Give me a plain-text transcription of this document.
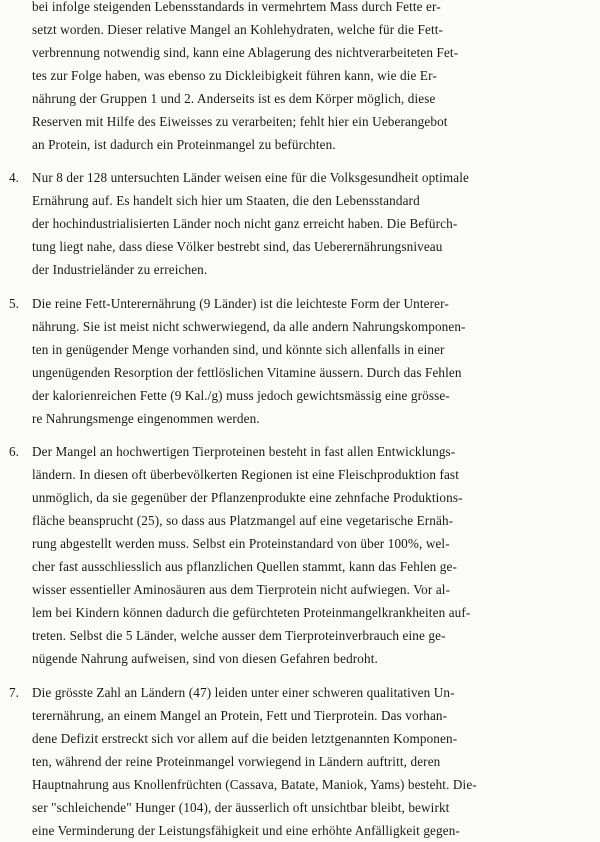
bei infolge steigenden Lebensstandards in vermehrtem Mass durch Fette er-
setzt worden. Dieser relative Mangel an Kohlehydraten, welche für die Fett-
verbrennung notwendig sind, kann eine Ablagerung des nichtverarbeiteten Fet-
tes zur Folge haben, was ebenso zu Dickleibigkeit führen kann, wie die Er-
nährung der Gruppen 1 und 2. Anderseits ist es dem Körper möglich, diese
Reserven mit Hilfe des Eiweisses zu verarbeiten; fehlt hier ein Ueberangebot
an Protein, ist dadurch ein Proteinmangel zu befürchten.
4. Nur 8 der 128 untersuchten Länder weisen eine für die Volksgesundheit optimale
Ernährung auf. Es handelt sich hier um Staaten, die den Lebensstandard
der hochindustrialisierten Länder noch nicht ganz erreicht haben. Die Befürch-
tung liegt nahe, dass diese Völker bestrebt sind, das Ueberernährungsniveau
der Industrieländer zu erreichen.
5. Die reine Fett-Unterernährung (9 Länder) ist die leichteste Form der Unterer-
nährung. Sie ist meist nicht schwerwiegend, da alle andern Nahrungskomponen-
ten in genügender Menge vorhanden sind, und könnte sich allenfalls in einer
ungenügenden Resorption der fettlöslichen Vitamine äussern. Durch das Fehlen
der kalorienreichen Fette (9 Kal./g) muss jedoch gewichtsmässig eine grösse-
re Nahrungsmenge eingenommen werden.
6. Der Mangel an hochwertigen Tierproteinen besteht in fast allen Entwicklungs-
ländern. In diesen oft überbevölkerten Regionen ist eine Fleischproduktion fast
unmöglich, da sie gegenüber der Pflanzenprodukte eine zehnfache Produktions-
fläche beansprucht (25), so dass aus Platzmangel auf eine vegetarische Ernäh-
rung abgestellt werden muss. Selbst ein Proteinstandard von über 100%, wel-
cher fast ausschliesslich aus pflanzlichen Quellen stammt, kann das Fehlen ge-
wisser essentieller Aminosäuren aus dem Tierprotein nicht aufwiegen. Vor al-
lem bei Kindern können dadurch die gefürchteten Proteinmangelkrankheiten auf-
treten. Selbst die 5 Länder, welche ausser dem Tierproteinverbrauch eine ge-
nügende Nahrung aufweisen, sind von diesen Gefahren bedroht.
7. Die grösste Zahl an Ländern (47) leiden unter einer schweren qualitativen Un-
terernährung, an einem Mangel an Protein, Fett und Tierprotein. Das vorhan-
dene Defizit erstreckt sich vor allem auf die beiden letztgenannten Komponen-
ten, während der reine Proteinmangel vorwiegend in Ländern auftritt, deren
Hauptnahrung aus Knollenfrüchten (Cassava, Batate, Maniok, Yams) besteht. Die-
ser "schleichende" Hunger (104), der äusserlich oft unsichtbar bleibt, bewirkt
eine Verminderung der Leistungsfähigkeit und eine erhöhte Anfälligkeit gegen-
